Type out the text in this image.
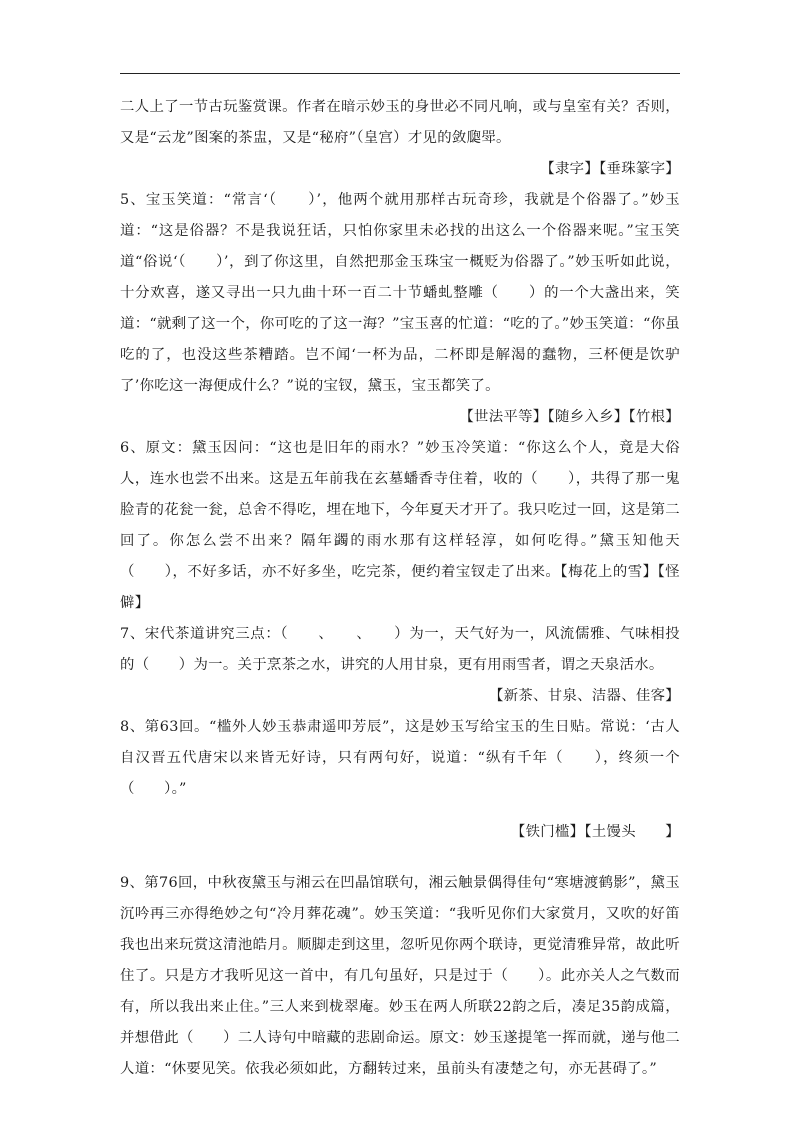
二人上了一节古玩鉴赏课。作者在暗示妙玉的身世必不同凡响，或与皇室有关？否则，又是“云龙”图案的茶盅，又是“秘府”（皇宫）才见的敛瓟斝。

【隶字】【垂珠篆字】

5、宝玉笑道：“常言‘（　　）’，他两个就用那样古玩奇珍，我就是个俗器了。”妙玉道：“这是俗器？不是我说狂话，只怕你家里未必找的出这么一个俗器来呢。”宝玉笑道“俗说‘（　　）’，到了你这里，自然把那金玉珠宝一概贬为俗器了。”妙玉听如此说，十分欢喜，遂又寻出一只九曲十环一百二十节蟠虬整雕（　　）的一个大盏出来，笑道：“就剩了这一个，你可吃的了这一海？”宝玉喜的忙道：“吃的了。”妙玉笑道：“你虽吃的了，也没这些茶糟踏。岂不闻‘一杯为品，二杯即是解渴的蠢物，三杯便是饮驴了’你吃这一海便成什么？”说的宝钗，黛玉，宝玉都笑了。

【世法平等】【随乡入乡】【竹根】

6、原文：黛玉因问：“这也是旧年的雨水？”妙玉冷笑道：“你这么个人，竟是大俗人，连水也尝不出来。这是五年前我在玄墓蟠香寺住着，收的（　　），共得了那一鬼脸青的花瓮一瓮，总舍不得吃，埋在地下，今年夏天才开了。我只吃过一回，这是第二回了。你怎么尝不出来？隔年蠲的雨水那有这样轻淳，如何吃得。”黛玉知他天（　　），不好多话，亦不好多坐，吃完茶，便约着宝钗走了出来。【梅花上的雪】【怪僻】

7、宋代茶道讲究三点：（　　、　　、　　）为一，天气好为一，风流儒雅、气味相投的（　　）为一。关于烹茶之水，讲究的人用甘泉，更有用雨雪者，谓之天泉活水。

【新茶、甘泉、洁器、佳客】

8、第63回。“槛外人妙玉恭肃遥叩芳辰”，这是妙玉写给宝玉的生日贴。常说：‘古人自汉晋五代唐宋以来皆无好诗，只有两句好，说道：“纵有千年（　　），终须一个（　　）。”

【铁门槛】【土馒头　　】

9、第76回，中秋夜黛玉与湘云在凹晶馆联句，湘云触景偶得佳句“寒塘渡鹤影”，黛玉沉吟再三亦得绝妙之句“冷月葬花魂”。妙玉笑道：“我听见你们大家赏月，又吹的好笛我也出来玩赏这清池皓月。顺脚走到这里，忽听见你两个联诗，更觉清雅异常，故此听住了。只是方才我听见这一首中，有几句虽好，只是过于（　　）。此亦关人之气数而有，所以我出来止住。”三人来到栊翠庵。妙玉在两人所联22韵之后，凑足35韵成篇，并想借此（　　）二人诗句中暗藏的悲剧命运。原文：妙玉遂提笔一挥而就，递与他二人道：“休要见笑。依我必须如此，方翻转过来，虽前头有凄楚之句，亦无甚碍了。”
